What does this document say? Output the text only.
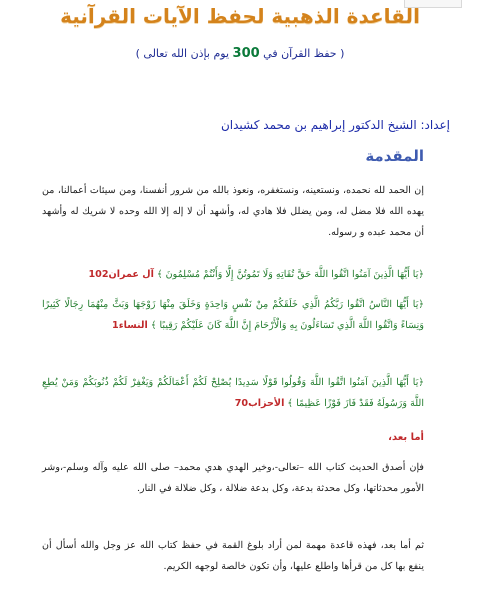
القاعدة الذهبية لحفظ الآيات القرآنية
( حفظ القرآن في 300 يوم بإذن الله تعالى )
إعداد: الشيخ الدكتور إبراهيم بن محمد كشيدان
المقدمة
إن الحمد لله نحمده، ونستعينه، ونستغفره، ونعوذ بالله من شرور أنفسنا، ومن سيئات أعمالنا، من يهده الله فلا مضل له، ومن يضلل فلا هادي له، وأشهد أن لا إله إلا الله وحده لا شريك له وأشهد أن محمد عبده و رسوله.
﴿يَا أَيُّهَا الَّذِينَ آمَنُوا اتَّقُوا اللَّهَ حَقَّ تُقَاتِهِ وَلَا تَمُوتُنَّ إِلَّا وَأَنْتُمْ مُسْلِمُونَ ﴾ آل عمران102
﴿يَا أَيُّهَا النَّاسُ اتَّقُوا رَبَّكُمُ الَّذِي خَلَقَكُمْ مِنْ نَفْسٍ وَاحِدَةٍ وَخَلَقَ مِنْهَا زَوْجَهَا وَبَثَّ مِنْهُمَا رِجَالًا كَثِيرًا وَنِسَاءً وَاتَّقُوا اللَّهَ الَّذِي تَسَاءَلُونَ بِهِ وَالْأَرْحَامَ إِنَّ اللَّهَ كَانَ عَلَيْكُمْ رَقِيبًا ﴾ النساء1
﴿يَا أَيُّهَا الَّذِينَ آمَنُوا اتَّقُوا اللَّهَ وَقُولُوا قَوْلًا سَدِيدًا يُصْلِحْ لَكُمْ أَعْمَالَكُمْ وَيَغْفِرْ لَكُمْ ذُنُوبَكُمْ وَمَنْ يُطِعِ اللَّهَ وَرَسُولَهُ فَقَدْ فَازَ فَوْزًا عَظِيمًا ﴾ الأحزاب70
أما بعد،
فإن أصدق الحديث كتاب الله –تعالى-،وخير الهدي هدي محمد– صلى الله عليه وآله وسلم-،وشر الأمور محدثاتها، وكل محدثة بدعة، وكل بدعة ضلالة ، وكل ضلالة في النار.
ثم أما بعد، فهذه قاعدة مهمة لمن أراد بلوغ القمة في حفظ كتاب الله عز وجل والله أسأل أن ينفع بها كل من قرأها واطلع عليها، وأن تكون خالصة لوجهه الكريم.
